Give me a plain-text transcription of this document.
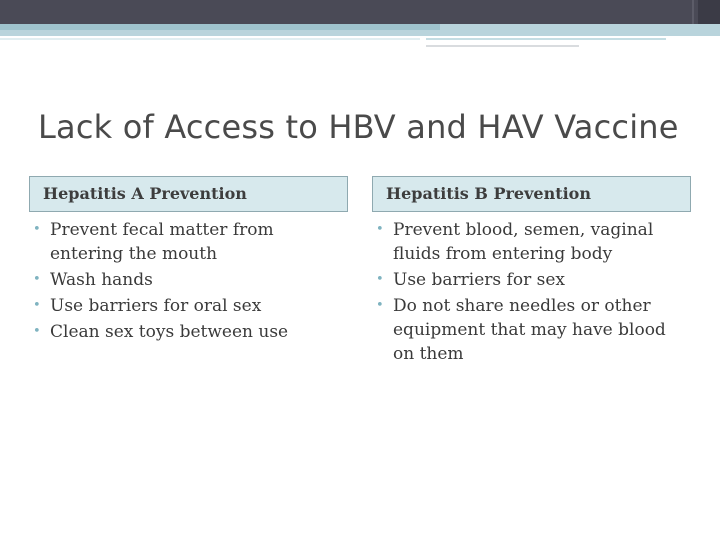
Lack of Access to HBV and HAV Vaccine
Hepatitis A Prevention	Hepatitis B Prevention
• Prevent fecal matter from entering the mouth
• Wash hands
• Use barriers for oral sex
• Clean sex toys between use
• Prevent blood, semen, vaginal fluids from entering body
• Use barriers for sex
• Do not share needles or other equipment that may have blood on them
